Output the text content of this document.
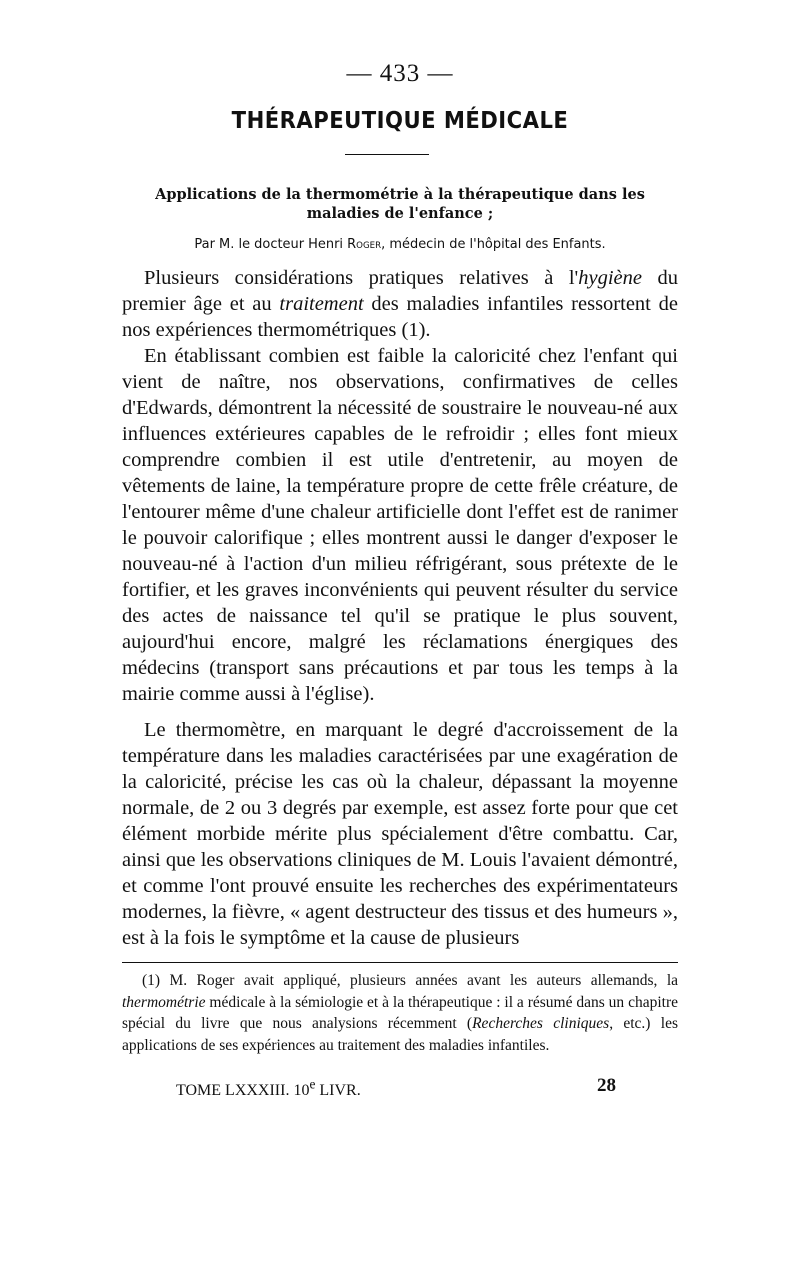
— 433 —
THÉRAPEUTIQUE MÉDICALE
Applications de la thermométrie à la thérapeutique dans les
maladies de l'enfance ;
Par M. le docteur Henri Roger, médecin de l'hôpital des Enfants.

Plusieurs considérations pratiques relatives à l'hygiène du premier âge et au traitement des maladies infantiles ressortent de nos expériences thermométriques (1).

En établissant combien est faible la caloricité chez l'enfant qui vient de naître, nos observations, confirmatives de celles d'Edwards, démontrent la nécessité de soustraire le nouveau-né aux influences extérieures capables de le refroidir ; elles font mieux comprendre combien il est utile d'entretenir, au moyen de vêtements de laine, la température propre de cette frêle créature, de l'entourer même d'une chaleur artificielle dont l'effet est de ranimer le pouvoir calorifique ; elles montrent aussi le danger d'exposer le nouveau-né à l'action d'un milieu réfrigérant, sous prétexte de le fortifier, et les graves inconvénients qui peuvent résulter du service des actes de naissance tel qu'il se pratique le plus souvent, aujourd'hui encore, malgré les réclamations énergiques des médecins (transport sans précautions et par tous les temps à la mairie comme aussi à l'église).

Le thermomètre, en marquant le degré d'accroissement de la température dans les maladies caractérisées par une exagération de la caloricité, précise les cas où la chaleur, dépassant la moyenne normale, de 2 ou 3 degrés par exemple, est assez forte pour que cet élément morbide mérite plus spécialement d'être combattu. Car, ainsi que les observations cliniques de M. Louis l'avaient démontré, et comme l'ont prouvé ensuite les recherches des expérimentateurs modernes, la fièvre, « agent destructeur des tissus et des humeurs », est à la fois le symptôme et la cause de plusieurs

(1) M. Roger avait appliqué, plusieurs années avant les auteurs allemands, la thermométrie médicale à la sémiologie et à la thérapeutique : il a résumé dans un chapitre spécial du livre que nous analysions récemment (Recherches cliniques, etc.) les applications de ses expériences au traitement des maladies infantiles.

TOME LXXXIII. 10e LIVR.	28
